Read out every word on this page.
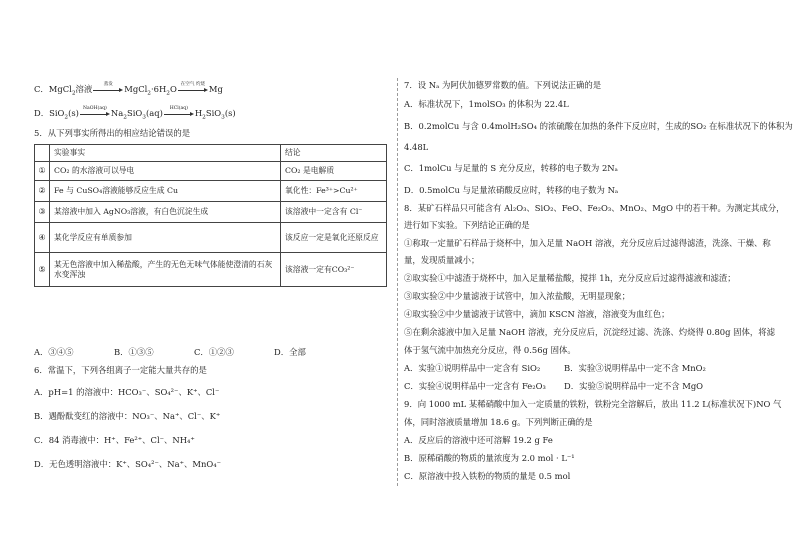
C．MgCl$_2$溶液	蒸发	$MgCl_2\cdot 6H_2O$ 在空气 灼烧 Mg
D．SiO$_2$(s) NaOH(aq) $Na_2SiO_3(aq)$	HCl(aq) $H_2SiO_3(s)$
5．从下列事实所得出的相应结论错误的是
	实验事实	结论
①	CO₂ 的水溶液可以导电	CO₂ 是电解质
②	Fe 与 CuSO₄溶液能够反应生成 Cu	氧化性：Fe³⁺>Cu²⁺
③	某溶液中加入 AgNO₃溶液，有白色沉淀生成	该溶液中一定含有 Cl⁻
④	某化学反应有单质参加	该反应一定是氧化还原反应
⑤	某无色溶液中加入稀盐酸，产生的无色无味气体能使澄清的石灰水变浑浊	该溶液一定有CO₃²⁻
A．③④⑤	B．①③⑤	C．①②③	D．全部
6．常温下，下列各组离子一定能大量共存的是
A．pH=1 的溶液中：HCO₃⁻、SO₄²⁻、K⁺、Cl⁻
B．遇酚酞变红的溶液中：NO₃⁻、Na⁺、Cl⁻、K⁺
C．84 消毒液中：H⁺、Fe²⁺、Cl⁻、NH₄⁺
D．无色透明溶液中：K⁺、SO₄²⁻、Na⁺、MnO₄⁻
7．设 Nₐ 为阿伏加德罗常数的值。下列说法正确的是
A．标准状况下，1molSO₃ 的体积为 22.4L
B．0.2molCu 与含 0.4molH₂SO₄ 的浓硫酸在加热的条件下反应时，生成的SO₂ 在标准状况下的体积为
4.48L
C．1molCu 与足量的 S 充分反应，转移的电子数为 2Nₐ
D．0.5molCu 与足量浓硝酸反应时，转移的电子数为 Nₐ
8．某矿石样品只可能含有 Al₂O₃、SiO₂、FeO、Fe₂O₃、MnO₂、MgO 中的若干种。为测定其成分，
进行如下实验。下列结论正确的是
①称取一定量矿石样品于烧杯中，加入足量 NaOH 溶液，充分反应后过滤得滤渣，洗涤、干燥、称
量，发现质量减小；
②取实验①中滤渣于烧杯中，加入足量稀盐酸，搅拌 1h，充分反应后过滤得滤液和滤渣；
③取实验②中少量滤液于试管中，加入浓盐酸，无明显现象；
④取实验②中少量滤液于试管中，滴加 KSCN 溶液，溶液变为血红色；
⑤在剩余滤液中加入足量 NaOH 溶液，充分反应后，沉淀经过滤、洗涤、灼烧得 0.80g 固体，将滤
体于氢气流中加热充分反应，得 0.56g 固体。
A．实验①说明样品中一定含有 SiO₂	B．实验③说明样品中一定不含 MnO₂
C．实验④说明样品中一定含有 Fe₂O₃ D．实验⑤说明样品中一定不含 MgO
9．向 1000 mL 某稀硝酸中加入一定质量的铁粉，铁粉完全溶解后，放出 11.2 L(标准状况下)NO 气
体，同时溶液质量增加 18.6 g。下列判断正确的是
A．反应后的溶液中还可溶解 19.2 g Fe
B．原稀硝酸的物质的量浓度为 2.0 mol · L⁻¹
C．原溶液中投入铁粉的物质的量是 0.5 mol
